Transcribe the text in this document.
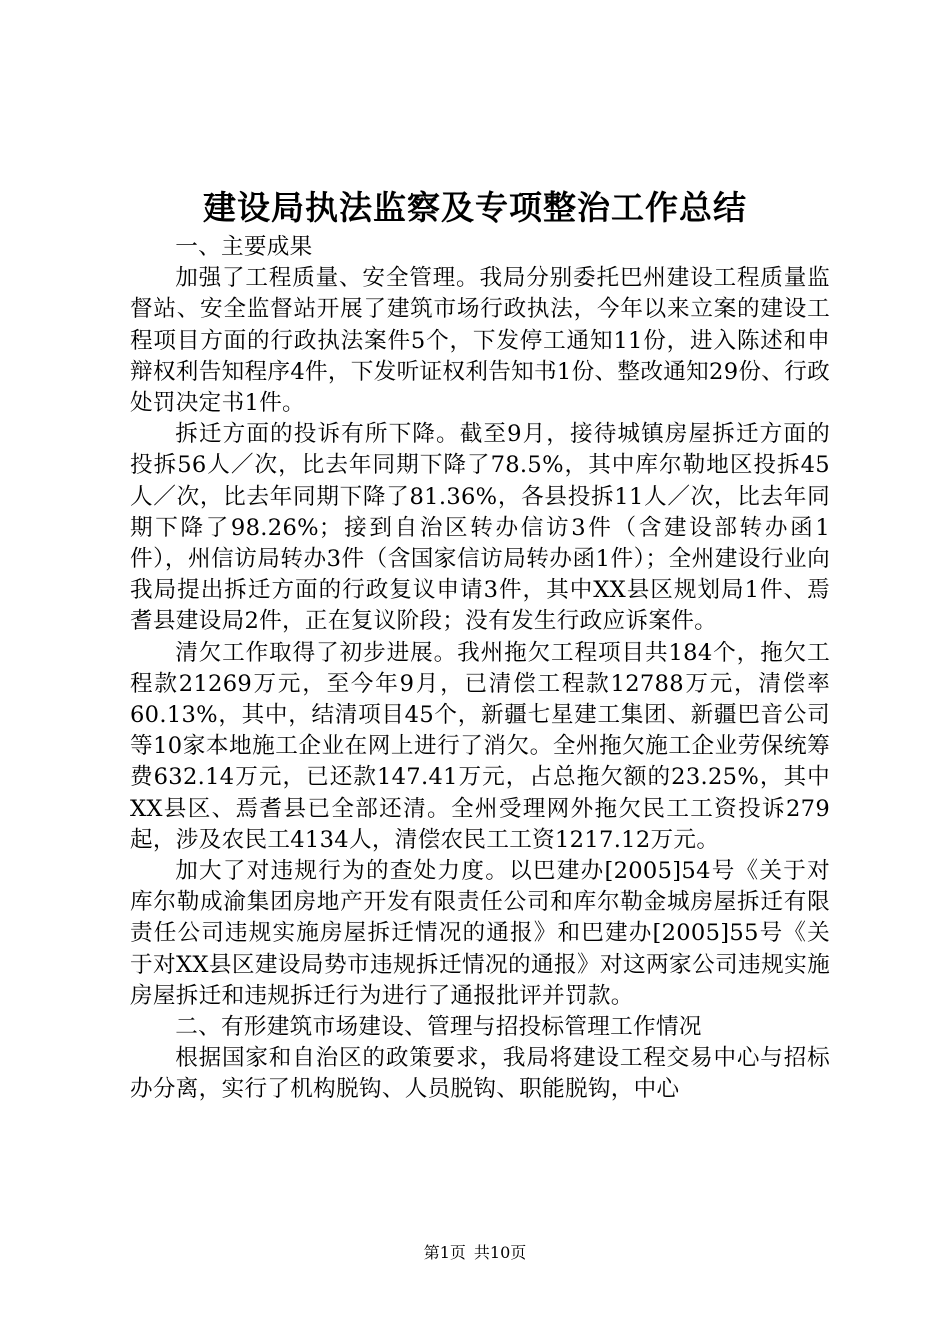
建设局执法监察及专项整治工作总结

一、主要成果

加强了工程质量、安全管理。我局分别委托巴州建设工程质量监督站、安全监督站开展了建筑市场行政执法，今年以来立案的建设工程项目方面的行政执法案件5个，下发停工通知11份，进入陈述和申辩权利告知程序4件，下发听证权利告知书1份、整改通知29份、行政处罚决定书1件。

拆迁方面的投诉有所下降。截至9月，接待城镇房屋拆迁方面的投拆56人／次，比去年同期下降了78.5%，其中库尔勒地区投拆45人／次，比去年同期下降了81.36%，各县投拆11人／次，比去年同期下降了98.26%；接到自治区转办信访3件（含建设部转办函1件），州信访局转办3件（含国家信访局转办函1件）；全州建设行业向我局提出拆迁方面的行政复议申请3件，其中XX县区规划局1件、焉耆县建设局2件，正在复议阶段；没有发生行政应诉案件。

清欠工作取得了初步进展。我州拖欠工程项目共184个，拖欠工程款21269万元，至今年9月，已清偿工程款12788万元，清偿率60.13%，其中，结清项目45个，新疆七星建工集团、新疆巴音公司等10家本地施工企业在网上进行了消欠。全州拖欠施工企业劳保统筹费632.14万元，已还款147.41万元，占总拖欠额的23.25%，其中XX县区、焉耆县已全部还清。全州受理网外拖欠民工工资投诉279起，涉及农民工4134人，清偿农民工工资1217.12万元。

加大了对违规行为的查处力度。以巴建办[2005]54号《关于对库尔勒成渝集团房地产开发有限责任公司和库尔勒金城房屋拆迁有限责任公司违规实施房屋拆迁情况的通报》和巴建办[2005]55号《关于对XX县区建设局势市违规拆迁情况的通报》对这两家公司违规实施房屋拆迁和违规拆迁行为进行了通报批评并罚款。

二、有形建筑市场建设、管理与招投标管理工作情况

根据国家和自治区的政策要求，我局将建设工程交易中心与招标办分离，实行了机构脱钩、人员脱钩、职能脱钩，中心

第1页 共10页
